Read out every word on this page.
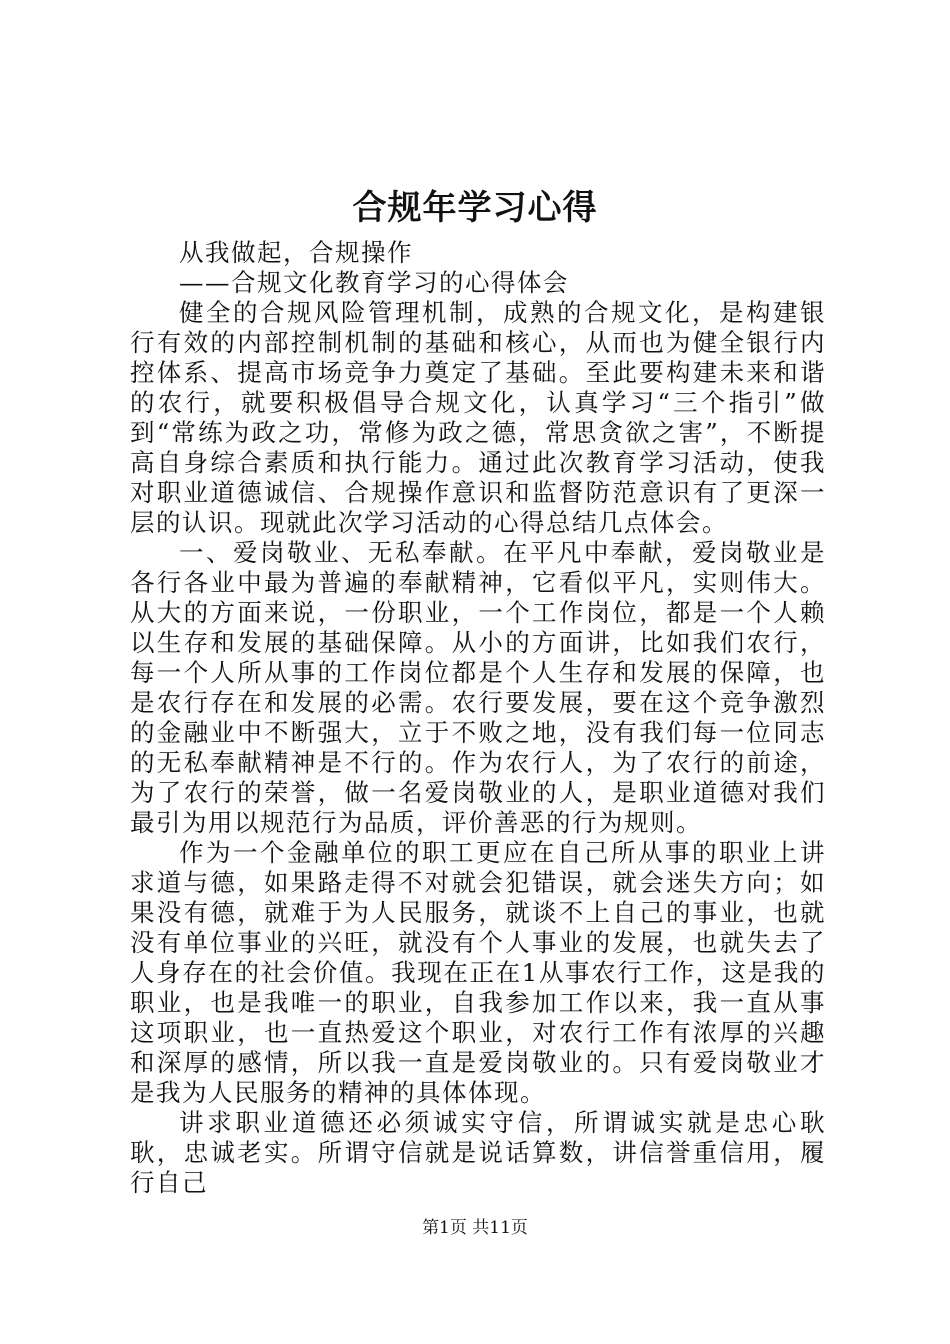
合规年学习心得

从我做起，合规操作

——合规文化教育学习的心得体会

健全的合规风险管理机制，成熟的合规文化，是构建银行有效的内部控制机制的基础和核心，从而也为健全银行内控体系、提高市场竞争力奠定了基础。至此要构建未来和谐的农行，就要积极倡导合规文化，认真学习“三个指引”做到“常练为政之功，常修为政之德，常思贪欲之害”，不断提高自身综合素质和执行能力。通过此次教育学习活动，使我对职业道德诚信、合规操作意识和监督防范意识有了更深一层的认识。现就此次学习活动的心得总结几点体会。

一、爱岗敬业、无私奉献。在平凡中奉献，爱岗敬业是各行各业中最为普遍的奉献精神，它看似平凡，实则伟大。从大的方面来说，一份职业，一个工作岗位，都是一个人赖以生存和发展的基础保障。从小的方面讲，比如我们农行，每一个人所从事的工作岗位都是个人生存和发展的保障，也是农行存在和发展的必需。农行要发展，要在这个竞争激烈的金融业中不断强大，立于不败之地，没有我们每一位同志的无私奉献精神是不行的。作为农行人，为了农行的前途，为了农行的荣誉，做一名爱岗敬业的人，是职业道德对我们最引为用以规范行为品质，评价善恶的行为规则。

作为一个金融单位的职工更应在自己所从事的职业上讲求道与德，如果路走得不对就会犯错误，就会迷失方向；如果没有德，就难于为人民服务，就谈不上自己的事业，也就没有单位事业的兴旺，就没有个人事业的发展，也就失去了人身存在的社会价值。我现在正在1从事农行工作，这是我的职业，也是我唯一的职业，自我参加工作以来，我一直从事这项职业，也一直热爱这个职业，对农行工作有浓厚的兴趣和深厚的感情，所以我一直是爱岗敬业的。只有爱岗敬业才是我为人民服务的精神的具体体现。

讲求职业道德还必须诚实守信，所谓诚实就是忠心耿耿，忠诚老实。所谓守信就是说话算数，讲信誉重信用，履行自己

第1页 共11页
